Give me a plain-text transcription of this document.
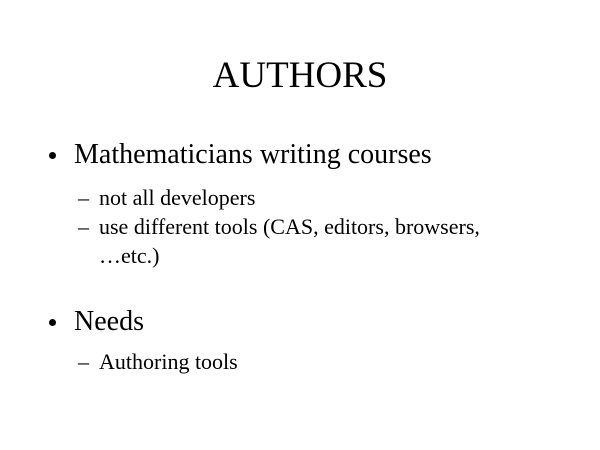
AUTHORS
Mathematicians writing courses
– not all developers
– use different tools (CAS, editors, browsers,
…etc.)
Needs
– Authoring tools
